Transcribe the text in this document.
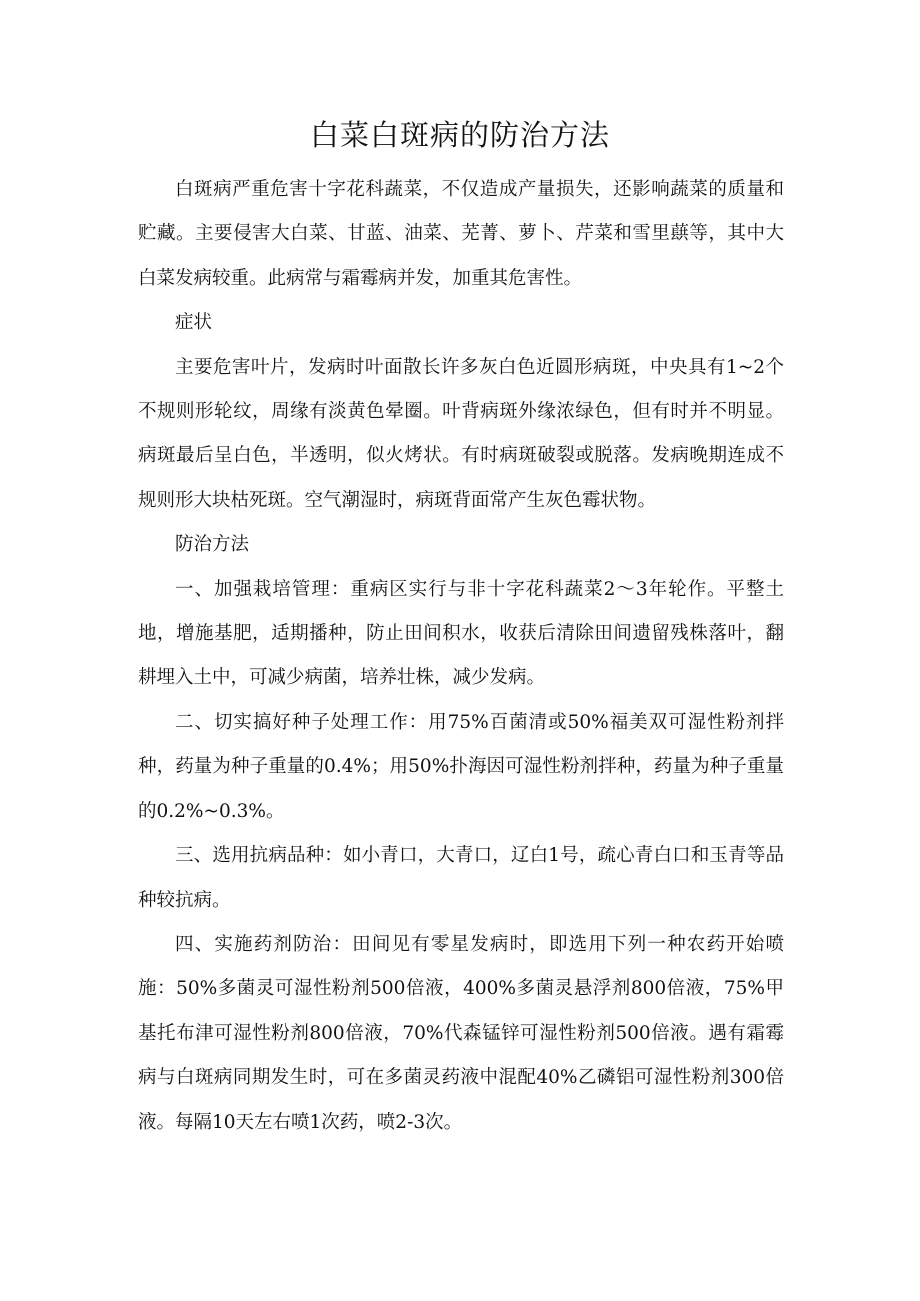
白菜白斑病的防治方法

白斑病严重危害十字花科蔬菜，不仅造成产量损失，还影响蔬菜的质量和贮藏。主要侵害大白菜、甘蓝、油菜、芜菁、萝卜、芹菜和雪里蕻等，其中大白菜发病较重。此病常与霜霉病并发，加重其危害性。

症状

主要危害叶片，发病时叶面散长许多灰白色近圆形病斑，中央具有1~2个不规则形轮纹，周缘有淡黄色晕圈。叶背病斑外缘浓绿色，但有时并不明显。病斑最后呈白色，半透明，似火烤状。有时病斑破裂或脱落。发病晚期连成不规则形大块枯死斑。空气潮湿时，病斑背面常产生灰色霉状物。

防治方法

一、加强栽培管理：重病区实行与非十字花科蔬菜2～3年轮作。平整土地，增施基肥，适期播种，防止田间积水，收获后清除田间遗留残株落叶，翻耕埋入土中，可减少病菌，培养壮株，减少发病。

二、切实搞好种子处理工作：用75%百菌清或50%福美双可湿性粉剂拌种，药量为种子重量的0.4%；用50%扑海因可湿性粉剂拌种，药量为种子重量的0.2%~0.3%。

三、选用抗病品种：如小青口，大青口，辽白1号，疏心青白口和玉青等品种较抗病。

四、实施药剂防治：田间见有零星发病时，即选用下列一种农药开始喷施：50%多菌灵可湿性粉剂500倍液，400%多菌灵悬浮剂800倍液，75%甲基托布津可湿性粉剂800倍液，70%代森锰锌可湿性粉剂500倍液。遇有霜霉病与白斑病同期发生时，可在多菌灵药液中混配40%乙磷铝可湿性粉剂300倍液。每隔10天左右喷1次药，喷2-3次。
